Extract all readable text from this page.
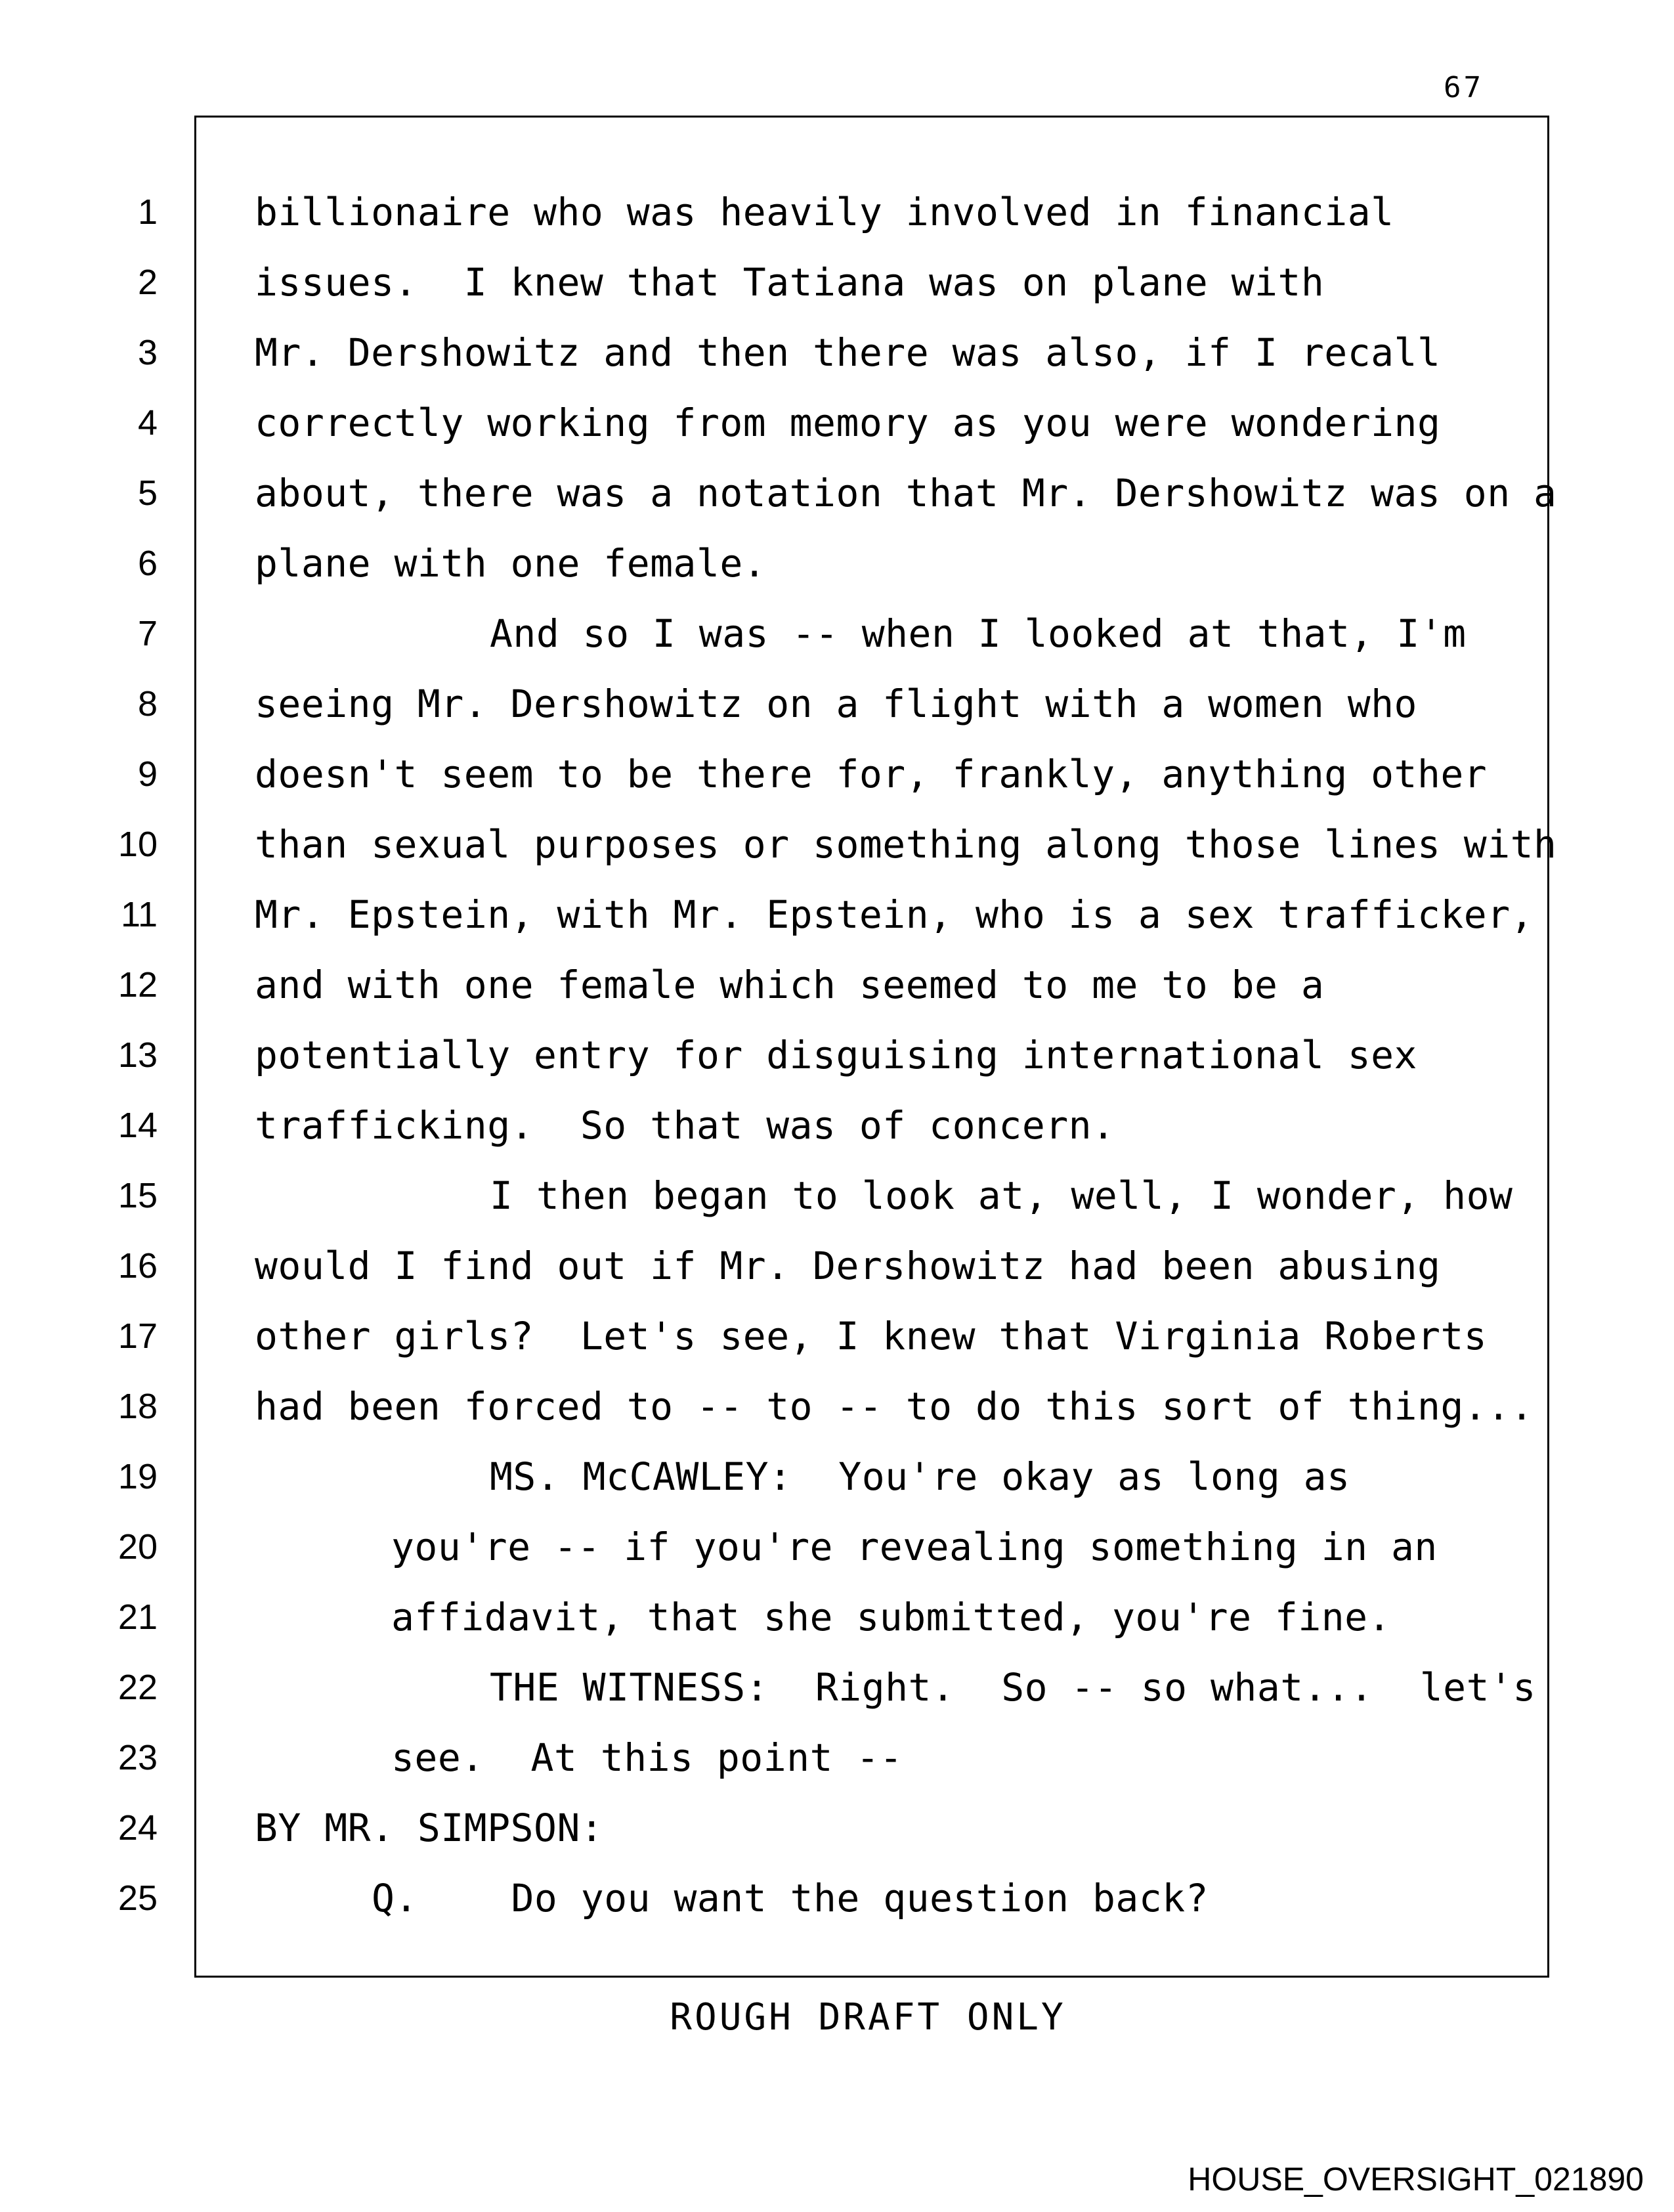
67
1
2
3
4
5
6
7
8
9
10
11
12
13
14
15
16
17
18
19
20
21
22
23
24
25
billionaire who was heavily involved in financial
issues.  I knew that Tatiana was on plane with
Mr. Dershowitz and then there was also, if I recall
correctly working from memory as you were wondering
about, there was a notation that Mr. Dershowitz was on a
plane with one female.
And so I was -- when I looked at that, I'm
seeing Mr. Dershowitz on a flight with a women who
doesn't seem to be there for, frankly, anything other
than sexual purposes or something along those lines with
Mr. Epstein, with Mr. Epstein, who is a sex trafficker,
and with one female which seemed to me to be a
potentially entry for disguising international sex
trafficking.  So that was of concern.
I then began to look at, well, I wonder, how
would I find out if Mr. Dershowitz had been abusing
other girls?  Let's see, I knew that Virginia Roberts
had been forced to -- to -- to do this sort of thing...
MS. McCAWLEY:  You're okay as long as
you're -- if you're revealing something in an
affidavit, that she submitted, you're fine.
THE WITNESS:  Right.  So -- so what...  let's
see.  At this point --
BY MR. SIMPSON:
Q.    Do you want the question back?
ROUGH DRAFT ONLY
HOUSE_OVERSIGHT_021890
